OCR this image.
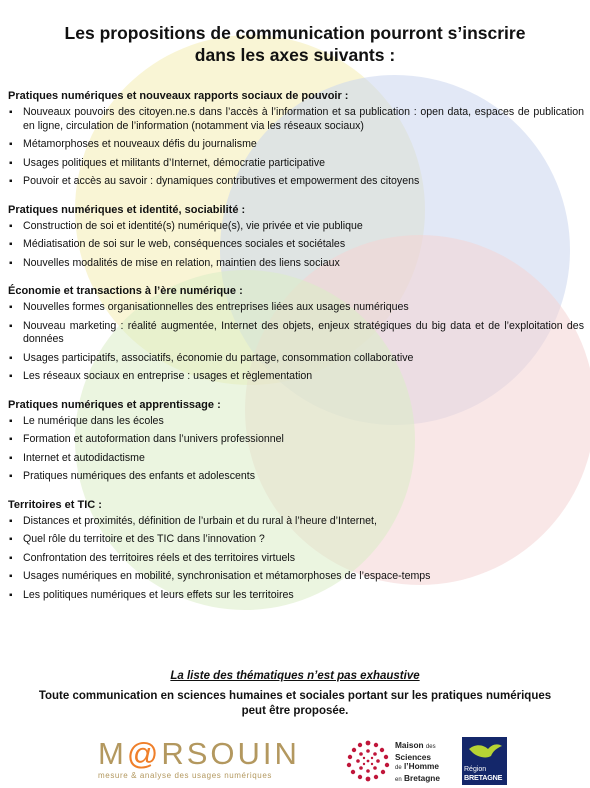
Les propositions de communication pourront s’inscrire
dans les axes suivants :
Pratiques numériques et nouveaux rapports sociaux de pouvoir :
▪ Nouveaux pouvoirs des citoyen.ne.s dans l’accès à l’information et sa publication : open data, espaces de publication en ligne, circulation de l’information (notamment via les réseaux sociaux)
▪ Métamorphoses et nouveaux défis du journalisme
▪ Usages politiques et militants d’Internet, démocratie participative
▪ Pouvoir et accès au savoir : dynamiques contributives et empowerment des citoyens
Pratiques numériques et identité, sociabilité :
▪ Construction de soi et identité(s) numérique(s), vie privée et vie publique
▪ Médiatisation de soi sur le web, conséquences sociales et sociétales
▪ Nouvelles modalités de mise en relation, maintien des liens sociaux
Économie et transactions à l’ère numérique :
▪ Nouvelles formes organisationnelles des entreprises liées aux usages numériques
▪ Nouveau marketing : réalité augmentée, Internet des objets, enjeux stratégiques du big data et de l’exploitation des données
▪ Usages participatifs, associatifs, économie du partage, consommation collaborative
▪ Les réseaux sociaux en entreprise : usages et règlementation
Pratiques numériques et apprentissage :
▪ Le numérique dans les écoles
▪ Formation et autoformation dans l’univers professionnel
▪ Internet et autodidactisme
▪ Pratiques numériques des enfants et adolescents
Territoires et TIC :
▪ Distances et proximités, définition de l’urbain et du rural à l’heure d’Internet,
▪ Quel rôle du territoire et des TIC dans l’innovation ?
▪ Confrontation des territoires réels et des territoires virtuels
▪ Usages numériques en mobilité, synchronisation et métamorphoses de l’espace-temps
▪ Les politiques numériques et leurs effets sur les territoires
La liste des thématiques n’est pas exhaustive
Toute communication en sciences humaines et sociales portant sur les pratiques numériques
peut être proposée.
M@RSOUIN
mesure & analyse des usages numériques
Maison des
Sciences
de l’Homme
en Bretagne
Région
BRETAGNE
